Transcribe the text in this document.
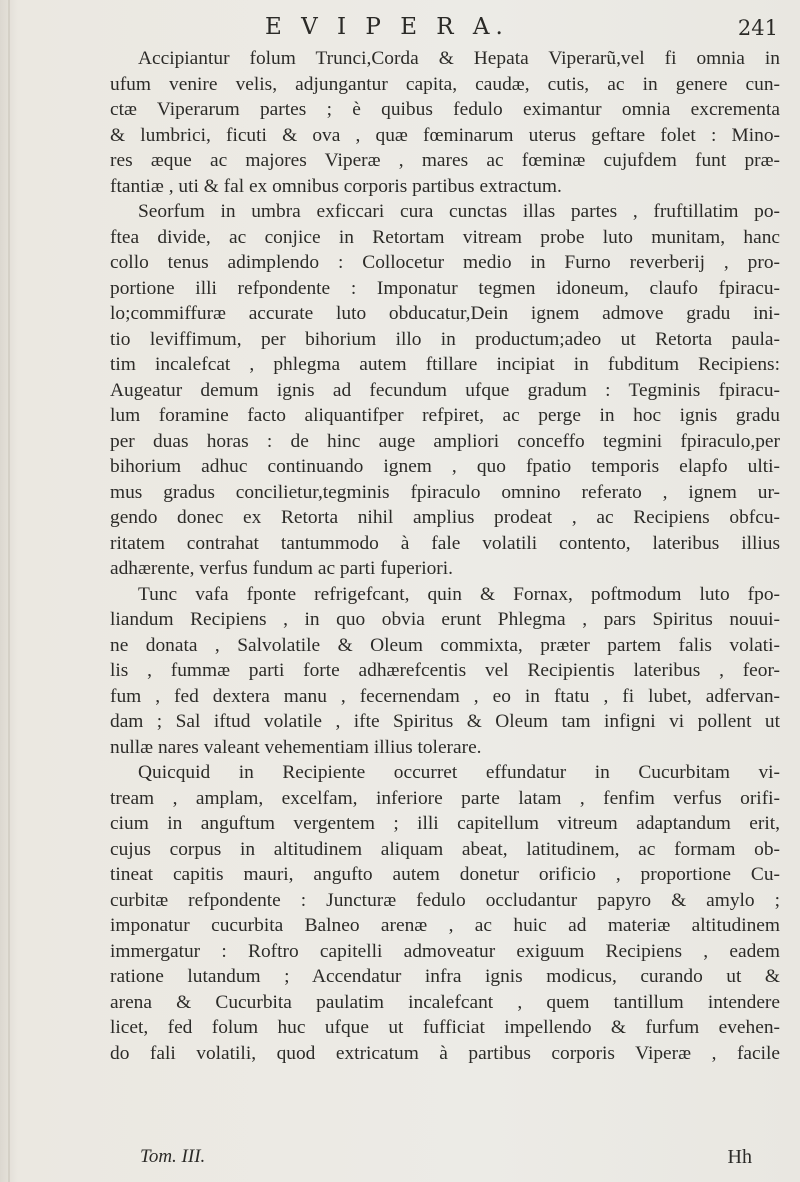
E V I P E R A.	241
Accipiantur folum Trunci,Corda & Hepata Viperarũ,vel fi omnia in
ufum venire velis, adjungantur capita, caudæ, cutis, ac in genere cun-
ctæ Viperarum partes ; è quibus fedulo eximantur omnia excrementa
& lumbrici, ficuti & ova , quæ fœminarum uterus geftare folet : Mino-
res æque ac majores Viperæ , mares ac fœminæ cujufdem funt præ-
ftantiæ , uti & fal ex omnibus corporis partibus extractum.
Seorfum in umbra exficcari cura cunctas illas partes , fruftillatim po-
ftea divide, ac conjice in Retortam vitream probe luto munitam, hanc
collo tenus adimplendo : Collocetur medio in Furno reverberij , pro-
portione illi refpondente : Imponatur tegmen idoneum, claufo fpiracu-
lo;commiffuræ accurate luto obducatur,Dein ignem admove gradu ini-
tio leviffimum, per bihorium illo in productum;adeo ut Retorta paula-
tim incalefcat , phlegma autem ftillare incipiat in fubditum Recipiens:
Augeatur demum ignis ad fecundum ufque gradum : Tegminis fpiracu-
lum foramine facto aliquantifper refpiret, ac perge in hoc ignis gradu
per duas horas : de hinc auge ampliori conceffo tegmini fpiraculo,per
bihorium adhuc continuando ignem , quo fpatio temporis elapfo ulti-
mus gradus concilietur,tegminis fpiraculo omnino referato , ignem ur-
gendo donec ex Retorta nihil amplius prodeat , ac Recipiens obfcu-
ritatem contrahat tantummodo à fale volatili contento, lateribus illius
adhærente, verfus fundum ac parti fuperiori.
Tunc vafa fponte refrigefcant, quin & Fornax, poftmodum luto fpo-
liandum Recipiens , in quo obvia erunt Phlegma , pars Spiritus nouui-
ne donata , Salvolatile & Oleum commixta, præter partem falis volati-
lis , fummæ parti forte adhærefcentis vel Recipientis lateribus , feor-
fum , fed dextera manu , fecernendam , eo in ftatu , fi lubet, adfervan-
dam ; Sal iftud volatile , ifte Spiritus & Oleum tam infigni vi pollent ut
nullæ nares valeant vehementiam illius tolerare.
Quicquid in Recipiente occurret effundatur in Cucurbitam vi-
tream , amplam, excelfam, inferiore parte latam , fenfim verfus orifi-
cium in anguftum vergentem ; illi capitellum vitreum adaptandum erit,
cujus corpus in altitudinem aliquam abeat, latitudinem, ac formam ob-
tineat capitis mauri, angufto autem donetur orificio , proportione Cu-
curbitæ refpondente : Juncturæ fedulo occludantur papyro & amylo ;
imponatur cucurbita Balneo arenæ , ac huic ad materiæ altitudinem
immergatur : Roftro capitelli admoveatur exiguum Recipiens , eadem
ratione lutandum ; Accendatur infra ignis modicus, curando ut &
arena & Cucurbita paulatim incalefcant , quem tantillum intendere
licet, fed folum huc ufque ut fufficiat impellendo & furfum evehen-
do fali volatili, quod extricatum à partibus corporis Viperæ , facile
Tom. III.	Hh
